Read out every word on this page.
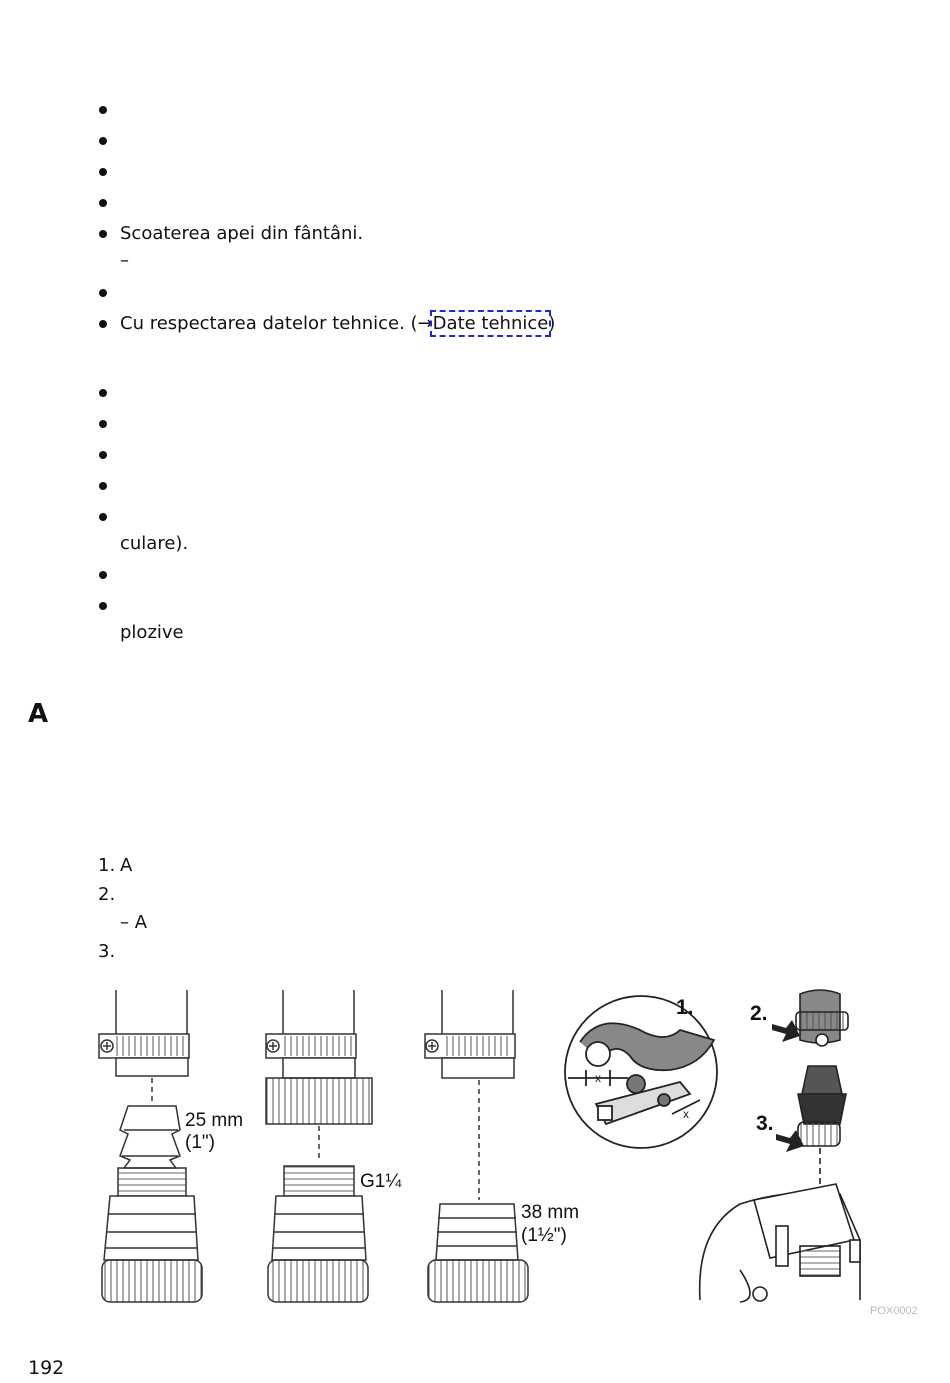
Scoaterea apei din fântâni.
–
Cu respectarea datelor tehnice. (→Date tehnice)
culare).
plozive
A
1. A
2.
– A
3.
x
x
25 mm
(1")
G1¼
38 mm
(1½")
1.	2.
3.
POX0002
192
